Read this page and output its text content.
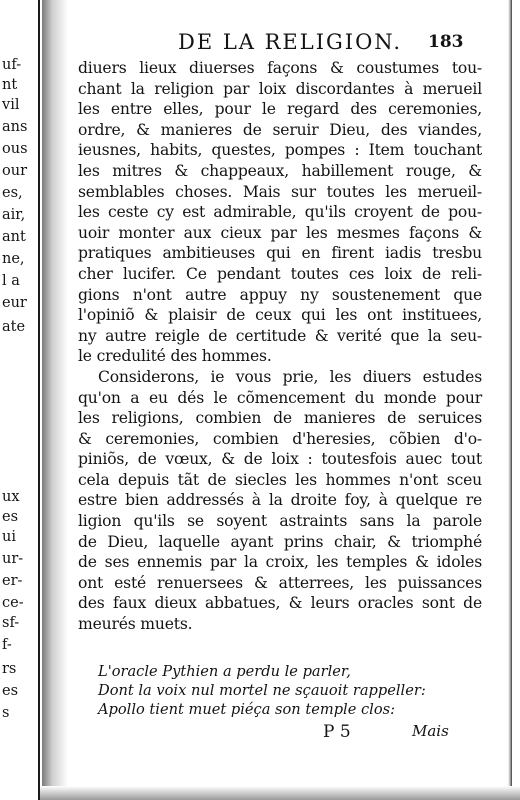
uf-
nt
vil
ans
ous
our
es,
air,
ant
ne,
l a
eur
ate
ux
es
ui
ur-
er-
ce-
sf-
f-
rs
es
s
DE LA RELIGION.	183
diuers lieux diuerses façons & coustumes tou-
chant la religion par loix discordantes à merueil
les entre elles, pour le regard des ceremonies,
ordre, & manieres de seruir Dieu, des viandes,
ieusnes, habits, questes, pompes : Item touchant
les mitres & chappeaux, habillement rouge, &
semblables choses. Mais sur toutes les merueil-
les ceste cy est admirable, qu'ils croyent de pou-
uoir monter aux cieux par les mesmes façons &
pratiques ambitieuses qui en firent iadis tresbu
cher lucifer. Ce pendant toutes ces loix de reli-
gions n'ont autre appuy ny soustenement que
l'opiniõ & plaisir de ceux qui les ont instituees,
ny autre reigle de certitude & verité que la seu-
le credulité des hommes.
Considerons, ie vous prie, les diuers estudes
qu'on a eu dés le cõmencement du monde pour
les religions, combien de manieres de seruices
& ceremonies, combien d'heresies, cõbien d'o-
piniõs, de vœux, & de loix : toutesfois auec tout
cela depuis tãt de siecles les hommes n'ont sceu
estre bien addressés à la droite foy, à quelque re
ligion qu'ils se soyent astraints sans la parole
de Dieu, laquelle ayant prins chair, & triomphé
de ses ennemis par la croix, les temples & idoles
ont esté renuersees & atterrees, les puissances
des faux dieux abbatues, & leurs oracles sont de
meurés muets.
L'oracle Pythien a perdu le parler,
Dont la voix nul mortel ne sçauoit rappeller:
Apollo tient muet piéça son temple clos:
P 5	Mais
